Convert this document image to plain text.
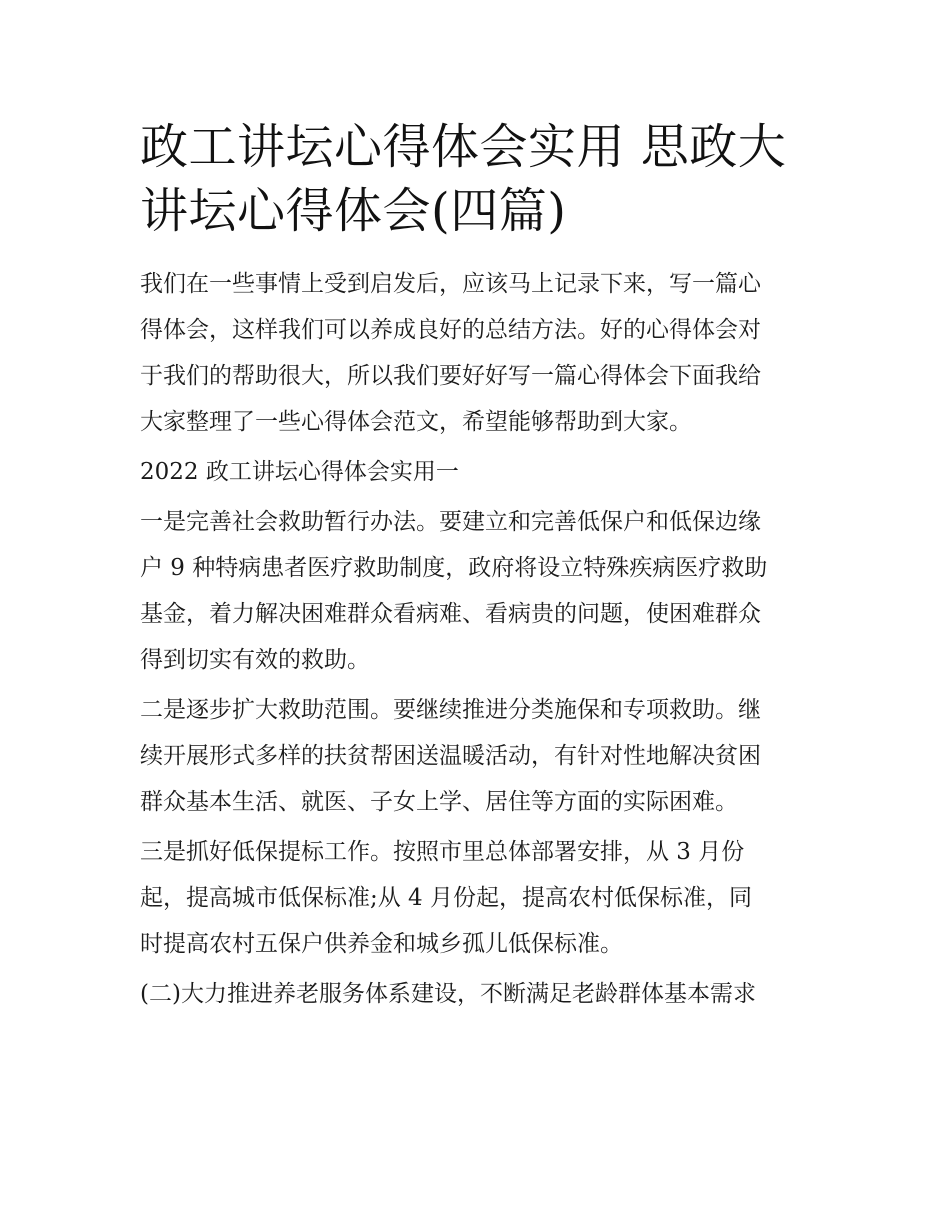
政工讲坛心得体会实用 思政大
讲坛心得体会(四篇)

我们在一些事情上受到启发后，应该马上记录下来，写一篇心
得体会，这样我们可以养成良好的总结方法。好的心得体会对
于我们的帮助很大，所以我们要好好写一篇心得体会下面我给
大家整理了一些心得体会范文，希望能够帮助到大家。

2022 政工讲坛心得体会实用一

一是完善社会救助暂行办法。要建立和完善低保户和低保边缘
户 9 种特病患者医疗救助制度，政府将设立特殊疾病医疗救助
基金，着力解决困难群众看病难、看病贵的问题，使困难群众
得到切实有效的救助。

二是逐步扩大救助范围。要继续推进分类施保和专项救助。继
续开展形式多样的扶贫帮困送温暖活动，有针对性地解决贫困
群众基本生活、就医、子女上学、居住等方面的实际困难。

三是抓好低保提标工作。按照市里总体部署安排，从 3 月份
起，提高城市低保标准;从 4 月份起，提高农村低保标准，同
时提高农村五保户供养金和城乡孤儿低保标准。

(二)大力推进养老服务体系建设，不断满足老龄群体基本需求
